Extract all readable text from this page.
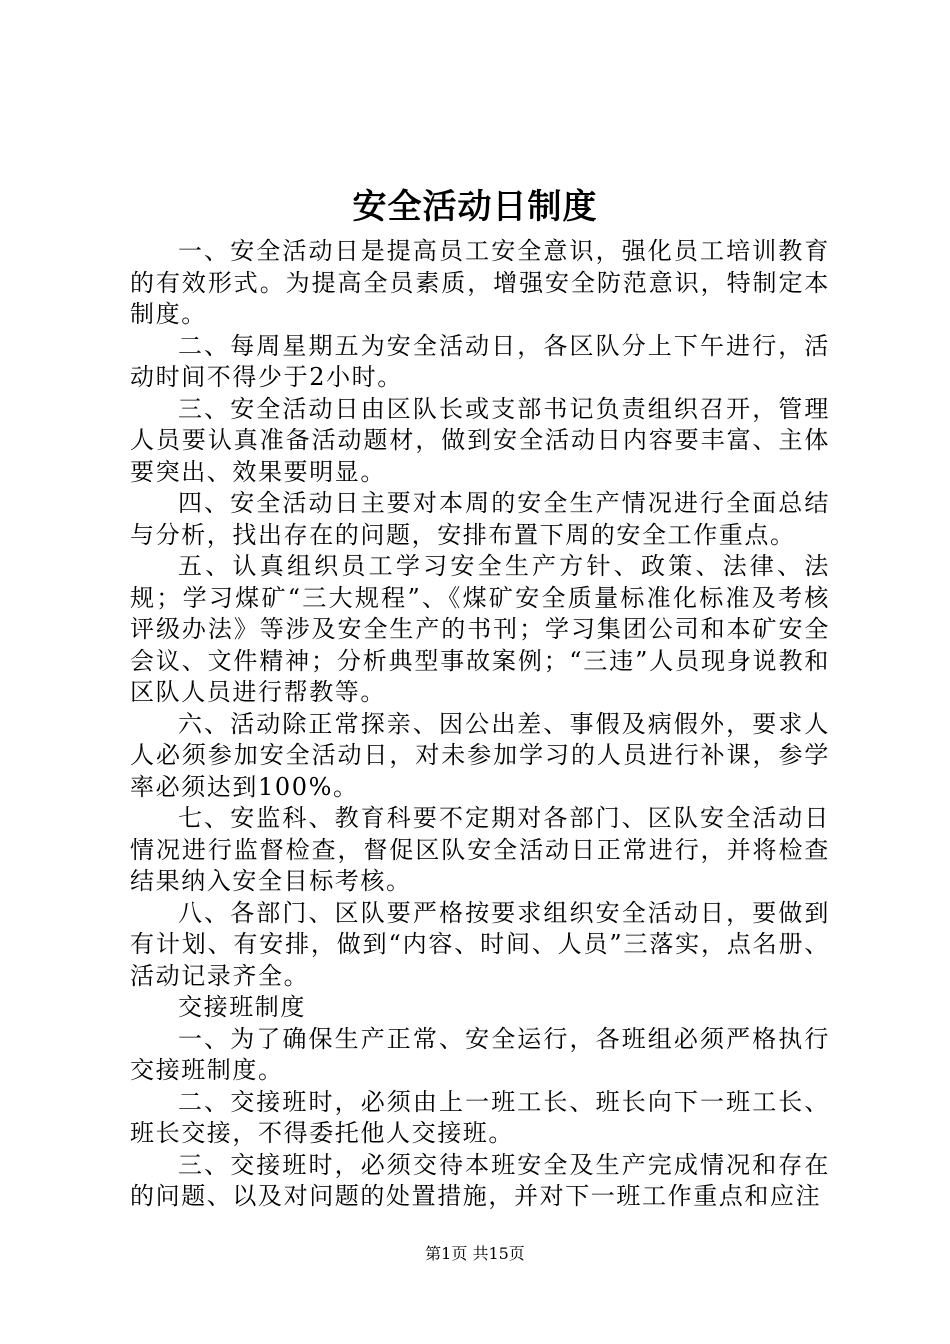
安全活动日制度

一、安全活动日是提高员工安全意识，强化员工培训教育的有效形式。为提高全员素质，增强安全防范意识，特制定本制度。

二、每周星期五为安全活动日，各区队分上下午进行，活动时间不得少于2小时。

三、安全活动日由区队长或支部书记负责组织召开，管理人员要认真准备活动题材，做到安全活动日内容要丰富、主体要突出、效果要明显。

四、安全活动日主要对本周的安全生产情况进行全面总结与分析，找出存在的问题，安排布置下周的安全工作重点。

五、认真组织员工学习安全生产方针、政策、法律、法规；学习煤矿“三大规程”、《煤矿安全质量标准化标准及考核评级办法》等涉及安全生产的书刊；学习集团公司和本矿安全会议、文件精神；分析典型事故案例；“三违”人员现身说教和区队人员进行帮教等。

六、活动除正常探亲、因公出差、事假及病假外，要求人人必须参加安全活动日，对未参加学习的人员进行补课，参学率必须达到100%。

七、安监科、教育科要不定期对各部门、区队安全活动日情况进行监督检查，督促区队安全活动日正常进行，并将检查结果纳入安全目标考核。

八、各部门、区队要严格按要求组织安全活动日，要做到有计划、有安排，做到“内容、时间、人员”三落实，点名册、活动记录齐全。

交接班制度

一、为了确保生产正常、安全运行，各班组必须严格执行交接班制度。

二、交接班时，必须由上一班工长、班长向下一班工长、班长交接，不得委托他人交接班。

三、交接班时，必须交待本班安全及生产完成情况和存在的问题、以及对问题的处置措施，并对下一班工作重点和应注

第1页 共15页
